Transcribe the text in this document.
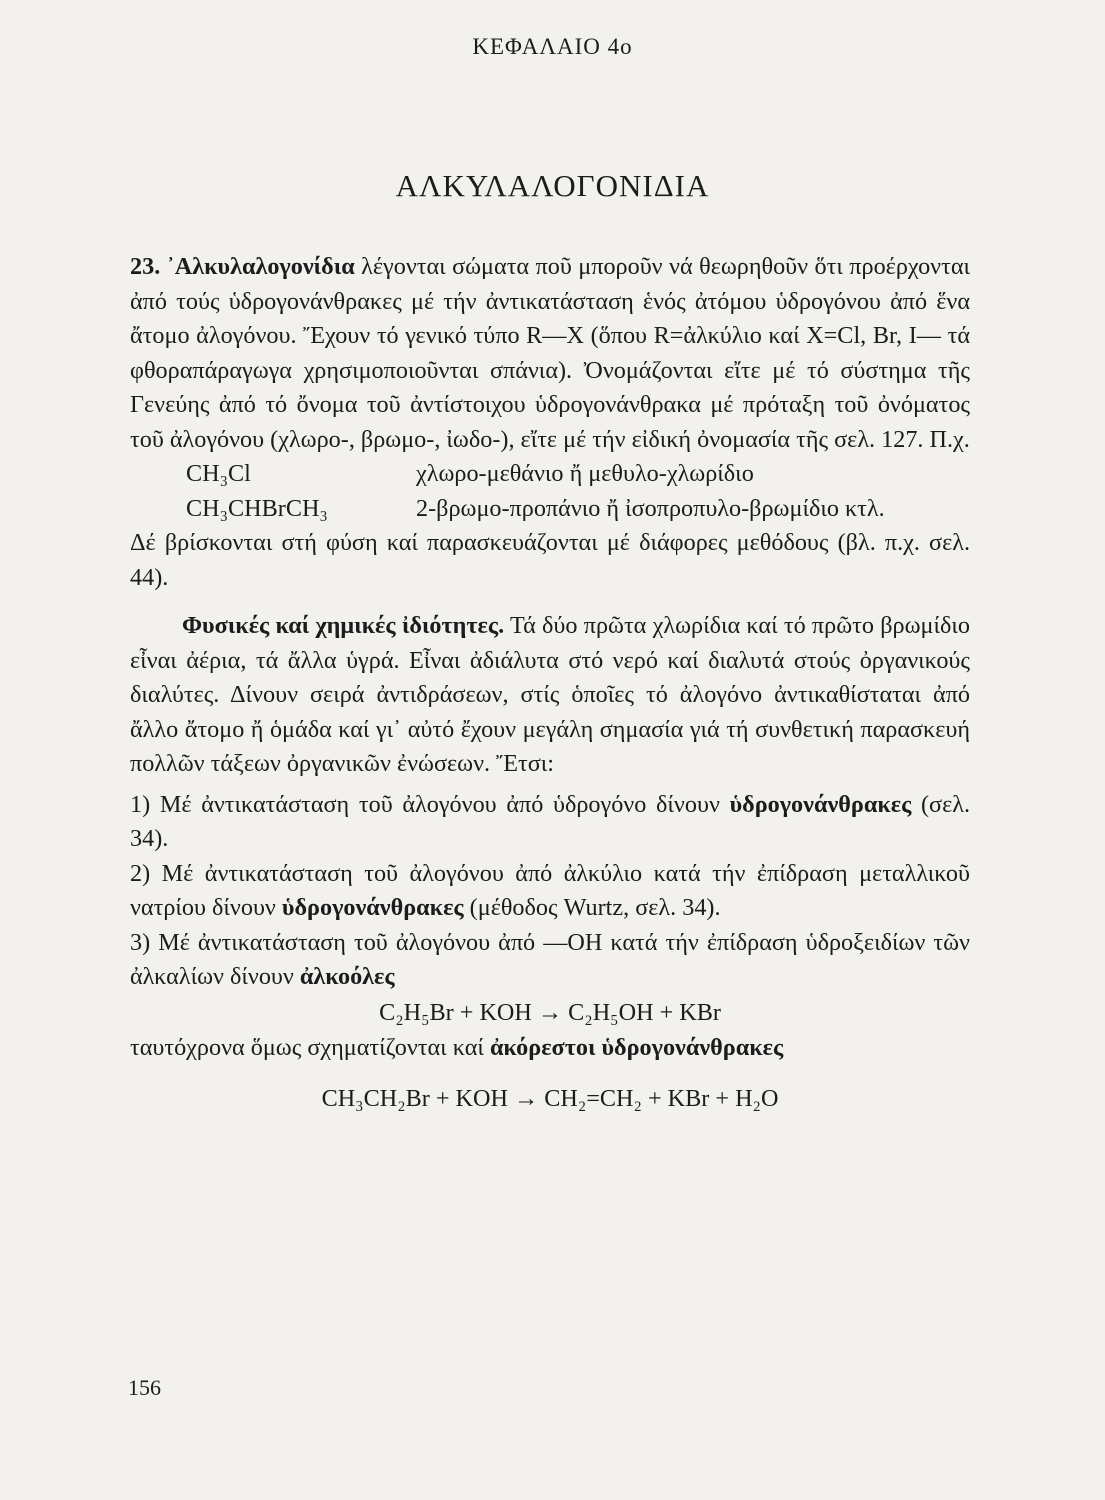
ΚΕΦΑΛΑΙΟ 4ο
ΑΛΚΥΛΑΛΟΓΟΝΙΔΙΑ

23. ᾿Αλκυλαλογονίδια λέγονται σώματα ποῦ μποροῦν νά θεωρηθοῦν ὅτι προέρχονται ἀπό τούς ὑδρογονάνθρακες μέ τήν ἀντικατάσταση ἑνός ἀτόμου ὑδρογόνου ἀπό ἕνα ἄτομο ἀλογόνου. Ἔχουν τό γενικό τύπο R—X (ὅπου R=ἀλκύλιο καί X=Cl, Br, I— τά φθοραπάραγωγα χρησιμοποιοῦνται σπάνια). Ὀνομάζονται εἴτε μέ τό σύστημα τῆς Γενεύης ἀπό τό ὄνομα τοῦ ἀντίστοιχου ὑδρογονάνθρακα μέ πρόταξη τοῦ ὀνόματος τοῦ ἀλογόνου (χλωρο-, βρωμο-, ἰωδο-), εἴτε μέ τήν εἰδική ὀνομασία τῆς σελ. 127. Π.χ.

CH₃Cl	χλωρο-μεθάνιο ἤ μεθυλο-χλωρίδιο
CH₃CHBrCH₃	2-βρωμο-προπάνιο ἤ ἰσοπροπυλο-βρωμίδιο κτλ.

Δέ βρίσκονται στή φύση καί παρασκευάζονται μέ διάφορες μεθόδους (βλ. π.χ. σελ. 44).

Φυσικές καί χημικές ἰδιότητες. Τά δύο πρῶτα χλωρίδια καί τό πρῶτο βρωμίδιο εἶναι ἀέρια, τά ἄλλα ὑγρά. Εἶναι ἀδιάλυτα στό νερό καί διαλυτά στούς ὀργανικούς διαλύτες. Δίνουν σειρά ἀντιδράσεων, στίς ὁποῖες τό ἀλογόνο ἀντικαθίσταται ἀπό ἄλλο ἄτομο ἤ ὁμάδα καί γι᾿ αὐτό ἔχουν μεγάλη σημασία γιά τή συνθετική παρασκευή πολλῶν τάξεων ὀργανικῶν ἐνώσεων. Ἔτσι:

1) Μέ ἀντικατάσταση τοῦ ἀλογόνου ἀπό ὑδρογόνο δίνουν ὑδρογονάνθρακες (σελ. 34).

2) Μέ ἀντικατάσταση τοῦ ἀλογόνου ἀπό ἀλκύλιο κατά τήν ἐπίδραση μεταλλικοῦ νατρίου δίνουν ὑδρογονάνθρακες (μέθοδος Wurtz, σελ. 34).

3) Μέ ἀντικατάσταση τοῦ ἀλογόνου ἀπό —OH κατά τήν ἐπίδραση ὑδροξειδίων τῶν ἀλκαλίων δίνουν ἀλκοόλες

C₂H₅Br + KOH → C₂H₅OH + KBr

ταυτόχρονα ὅμως σχηματίζονται καί ἀκόρεστοι ὑδρογονάνθρακες

CH₃CH₂Br + KOH → CH₂=CH₂ + KBr + H₂O

156
